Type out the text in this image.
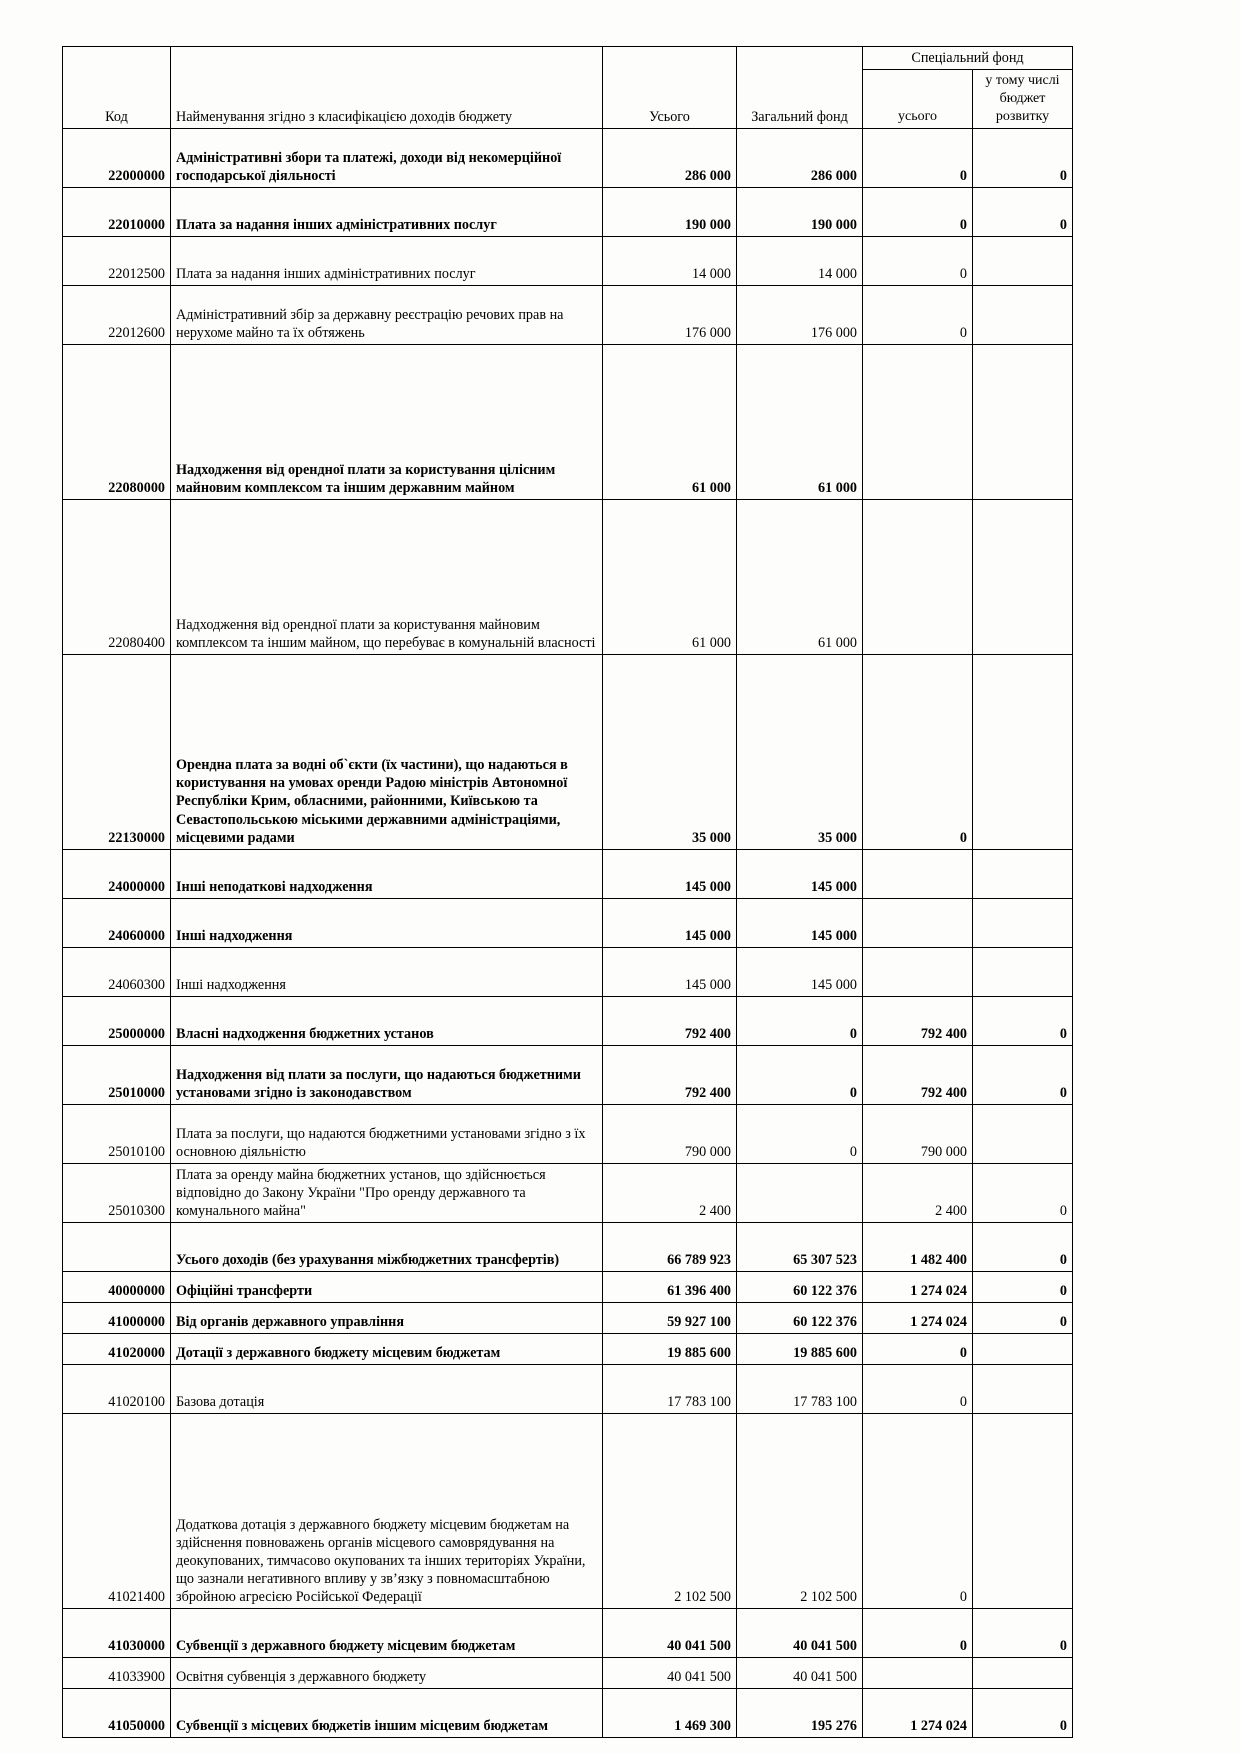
Код	Найменування згідно з класифікацією доходів бюджету	Усього	Загальний фонд	Спеціальний фонд	
				усього	у тому числі бюджет розвитку
22000000	Адміністративні збори та платежі, доходи від некомерційної господарської діяльності	286 000	286 000	0	0
22010000	Плата за надання інших адміністративних послуг	190 000	190 000	0	0
22012500	Плата за надання інших адміністративних послуг	14 000	14 000	0	
22012600	Адміністративний збір за державну реєстрацію речових прав на нерухоме майно та їх обтяжень	176 000	176 000	0	
22080000	Надходження від орендної плати за користування цілісним майновим комплексом та іншим державним майном	61 000	61 000		
22080400	Надходження від орендної плати за користування майновим комплексом та іншим майном, що перебуває в комунальній власності	61 000	61 000		
22130000	Орендна плата за водні об`єкти (їх частини), що надаються в користування на умовах оренди Радою міністрів Автономної Республіки Крим, обласними, районними, Київською та Севастопольською міськими державними адміністраціями, місцевими радами	35 000	35 000	0	
24000000	Інші неподаткові надходження	145 000	145 000		
24060000	Інші надходження	145 000	145 000		
24060300	Інші надходження	145 000	145 000		
25000000	Власні надходження бюджетних установ	792 400	0	792 400	0
25010000	Надходження від плати за послуги, що надаються бюджетними установами згідно із законодавством	792 400	0	792 400	0
25010100	Плата за послуги, що надаются бюджетними установами згідно з їх основною діяльністю	790 000	0	790 000	
25010300	Плата за оренду майна бюджетних установ, що здійснюється відповідно до Закону України "Про оренду державного та комунального майна"	2 400		2 400	0
	Усього доходів (без урахування міжбюджетних трансфертів)	66 789 923	65 307 523	1 482 400	0
40000000	Офіційні трансферти	61 396 400	60 122 376	1 274 024	0
41000000	Від органів державного управління	59 927 100	60 122 376	1 274 024	0
41020000	Дотації з державного бюджету місцевим бюджетам	19 885 600	19 885 600	0	
41020100	Базова дотація	17 783 100	17 783 100	0	
41021400	Додаткова дотація з державного бюджету місцевим бюджетам на здійснення повноважень органів місцевого самоврядування на деокупованих, тимчасово окупованих та інших територіях України, що зазнали негативного впливу у зв’язку з повномасштабною збройною агресією Російської Федерації	2 102 500	2 102 500	0	
41030000	Субвенції з державного бюджету місцевим бюджетам	40 041 500	40 041 500	0	0
41033900	Освітня субвенція з державного бюджету	40 041 500	40 041 500		
41050000	Субвенції з місцевих бюджетів іншим місцевим бюджетам	1 469 300	195 276	1 274 024	0
